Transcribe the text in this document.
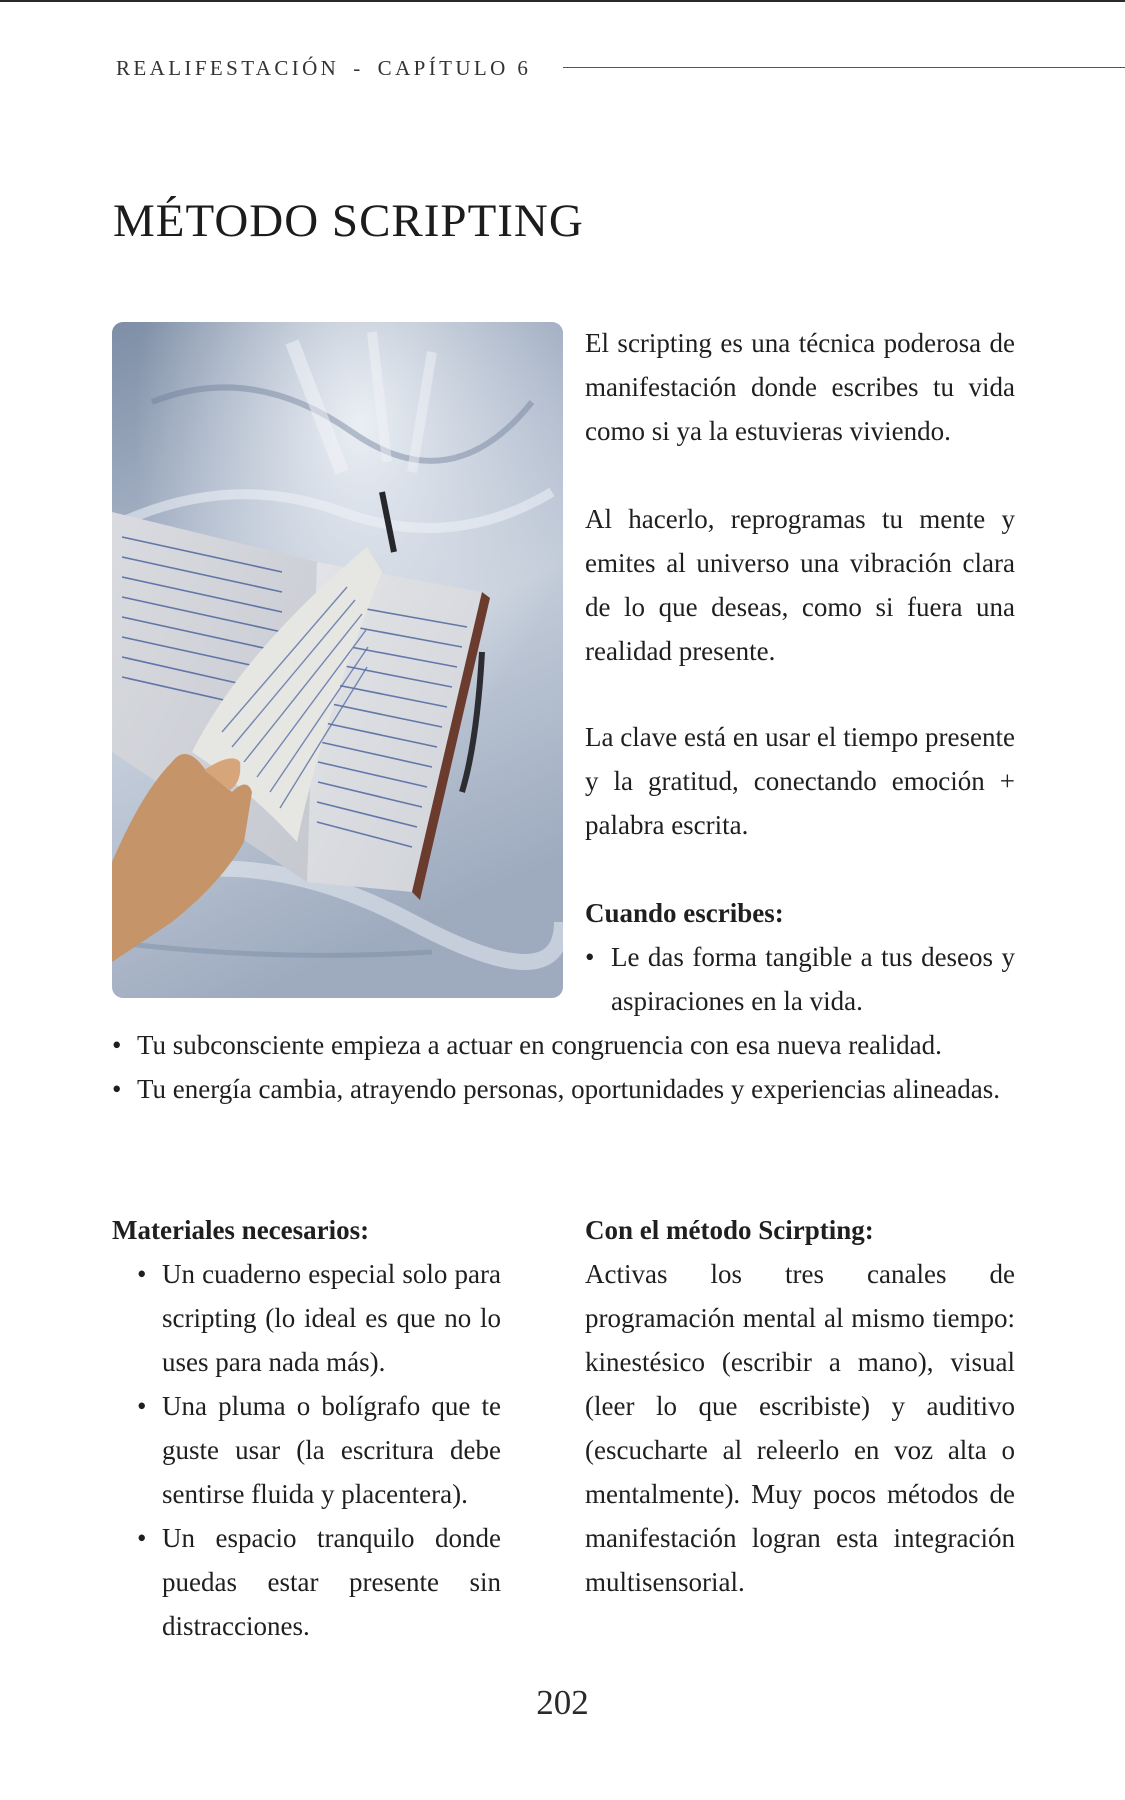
REALIFESTACIÓN - CAPÍTULO 6
MÉTODO SCRIPTING

El scripting es una técnica poderosa de manifestación donde escribes tu vida como si ya la estuvieras viviendo.

Al hacerlo, reprogramas tu mente y emites al universo una vibración clara de lo que deseas, como si fuera una realidad presente.

La clave está en usar el tiempo presente y la gratitud, conectando emoción + palabra escrita.

Cuando escribes:

• Le das forma tangible a tus deseos y aspiraciones en la vida.
• Tu subconsciente empieza a actuar en congruencia con esa nueva realidad.
• Tu energía cambia, atrayendo personas, oportunidades y experiencias alineadas.

Materiales necesarios:

• Un cuaderno especial solo para scripting (lo ideal es que no lo uses para nada más).
• Una pluma o bolígrafo que te guste usar (la escritura debe sentirse fluida y placentera).
• Un espacio tranquilo donde puedas estar presente sin distracciones.

Con el método Scirpting:

Activas los tres canales de programación mental al mismo tiempo: kinestésico (escribir a mano), visual (leer lo que escribiste) y auditivo (escucharte al releerlo en voz alta o mentalmente). Muy pocos métodos de manifestación logran esta integración multisensorial.

202
